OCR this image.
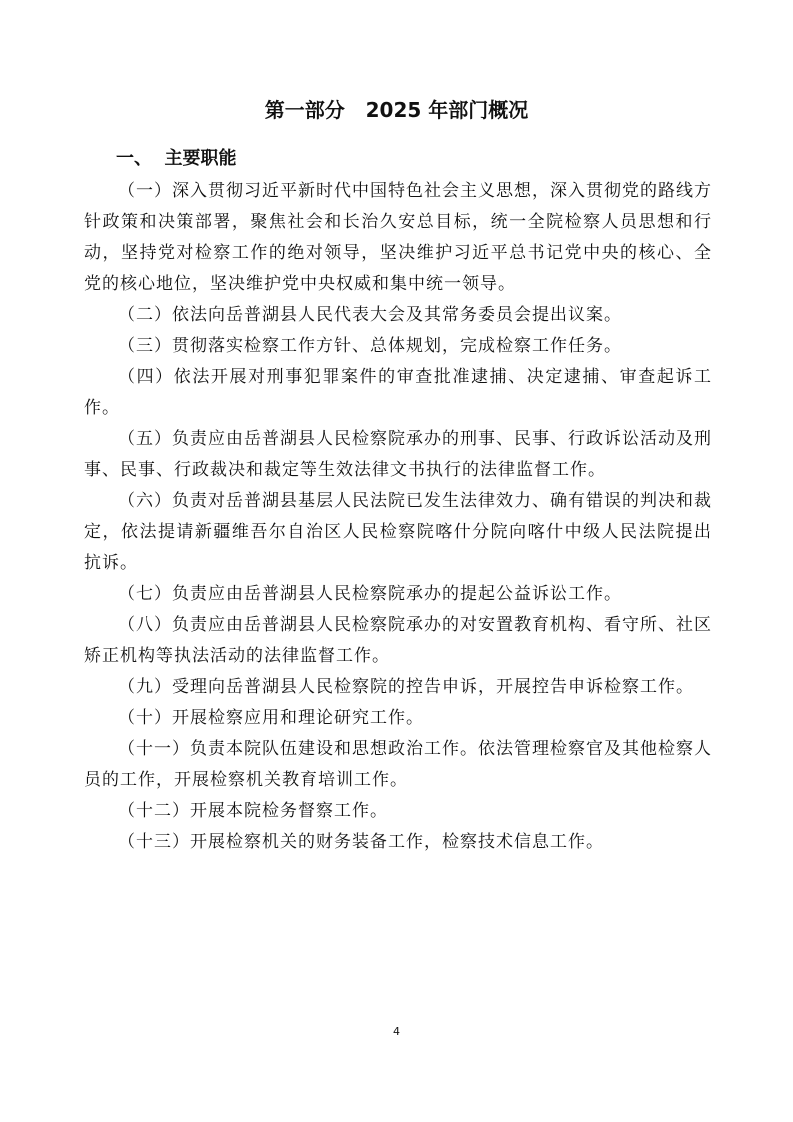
第一部分   2025 年部门概况
一、  主要职能

（一）深入贯彻习近平新时代中国特色社会主义思想，深入贯彻党的路线方针政策和决策部署，聚焦社会和长治久安总目标，统一全院检察人员思想和行动，坚持党对检察工作的绝对领导，坚决维护习近平总书记党中央的核心、全党的核心地位，坚决维护党中央权威和集中统一领导。

（二）依法向岳普湖县人民代表大会及其常务委员会提出议案。

（三）贯彻落实检察工作方针、总体规划，完成检察工作任务。

（四）依法开展对刑事犯罪案件的审查批准逮捕、决定逮捕、审查起诉工作。

（五）负责应由岳普湖县人民检察院承办的刑事、民事、行政诉讼活动及刑事、民事、行政裁决和裁定等生效法律文书执行的法律监督工作。

（六）负责对岳普湖县基层人民法院已发生法律效力、确有错误的判决和裁定，依法提请新疆维吾尔自治区人民检察院喀什分院向喀什中级人民法院提出抗诉。

（七）负责应由岳普湖县人民检察院承办的提起公益诉讼工作。

（八）负责应由岳普湖县人民检察院承办的对安置教育机构、看守所、社区矫正机构等执法活动的法律监督工作。

（九）受理向岳普湖县人民检察院的控告申诉，开展控告申诉检察工作。

（十）开展检察应用和理论研究工作。

（十一）负责本院队伍建设和思想政治工作。依法管理检察官及其他检察人员的工作，开展检察机关教育培训工作。

（十二）开展本院检务督察工作。

（十三）开展检察机关的财务装备工作，检察技术信息工作。

4
